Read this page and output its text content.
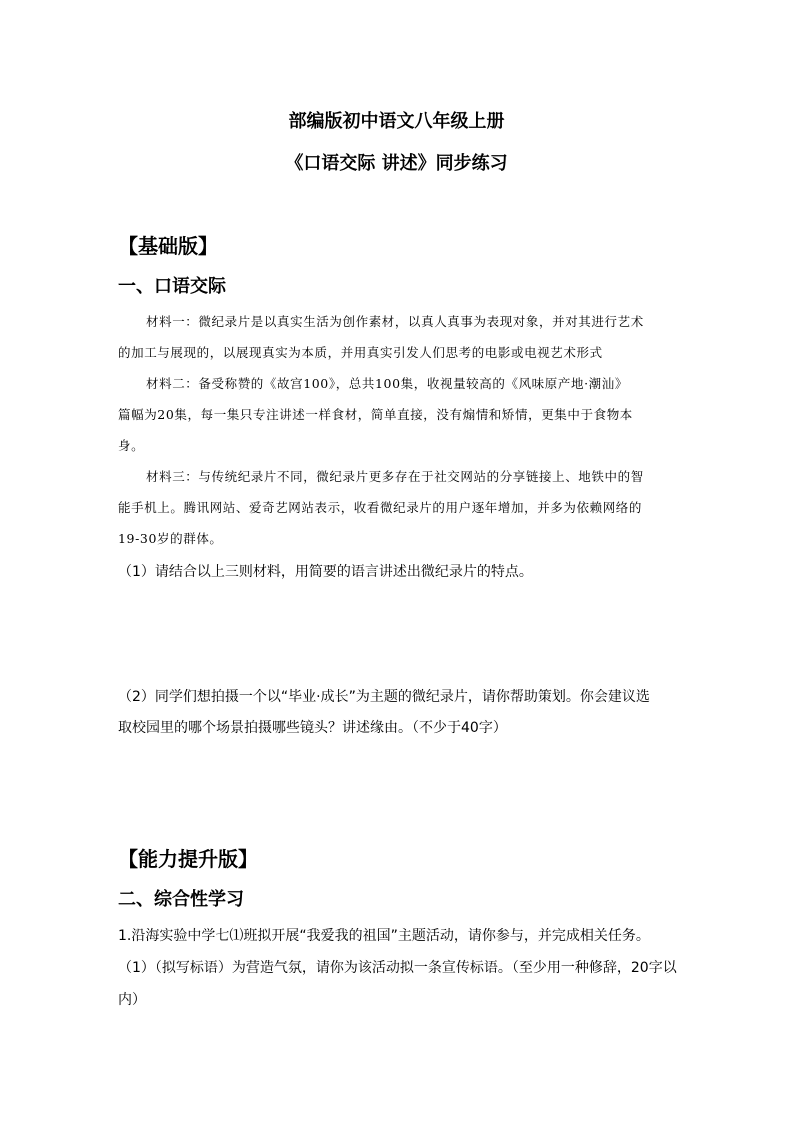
部编版初中语文八年级上册
《口语交际 讲述》同步练习
【基础版】
一、口语交际
材料一：微纪录片是以真实生活为创作素材，以真人真事为表现对象，并对其进行艺术
的加工与展现的，以展现真实为本质，并用真实引发人们思考的电影或电视艺术形式
材料二：备受称赞的《故宫100》，总共100集，收视量较高的《风味原产地·潮汕》
篇幅为20集，每一集只专注讲述一样食材，简单直接，没有煽情和矫情，更集中于食物本
身。
材料三：与传统纪录片不同，微纪录片更多存在于社交网站的分享链接上、地铁中的智
能手机上。腾讯网站、爱奇艺网站表示，收看微纪录片的用户逐年增加，并多为依赖网络的
19-30岁的群体。
（1）请结合以上三则材料，用简要的语言讲述出微纪录片的特点。
（2）同学们想拍摄一个以“毕业·成长”为主题的微纪录片，请你帮助策划。你会建议选
取校园里的哪个场景拍摄哪些镜头？讲述缘由。（不少于40字）
【能力提升版】
二、综合性学习
1.沿海实验中学七⑴班拟开展“我爱我的祖国”主题活动，请你参与，并完成相关任务。
（1）（拟写标语）为营造气氛，请你为该活动拟一条宣传标语。（至少用一种修辞，20字以
内）
